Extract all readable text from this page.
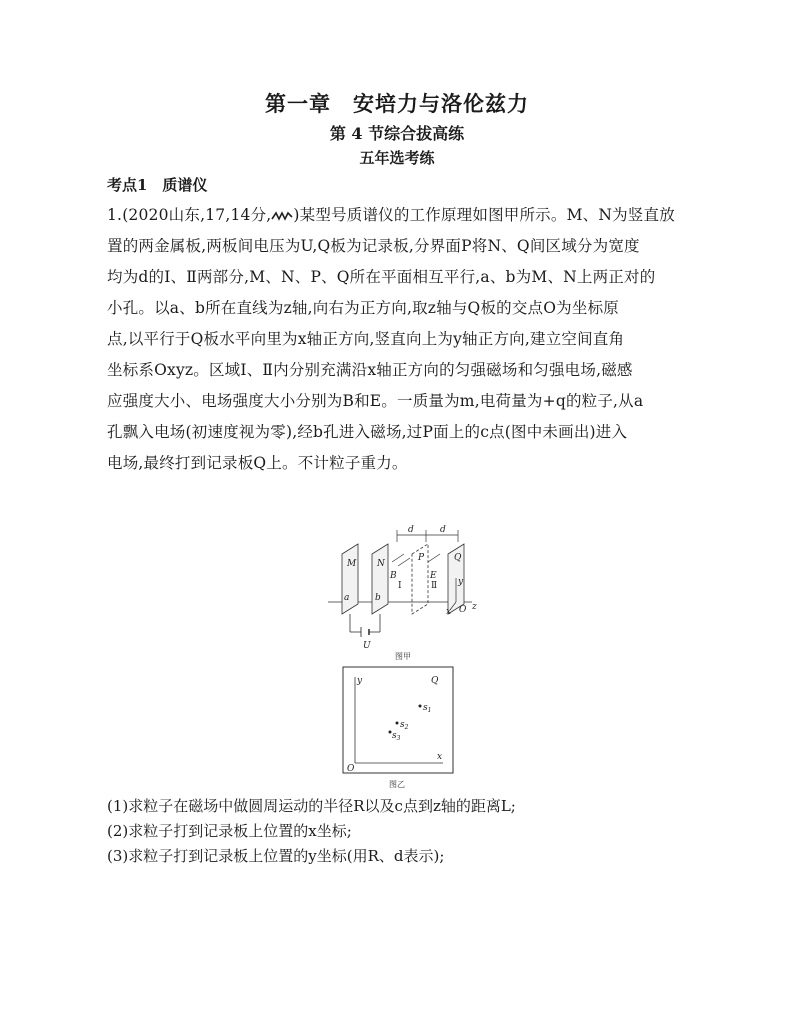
第一章　安培力与洛伦兹力
第 4 节综合拔高练
五年选考练
考点1　质谱仪
1.(2020山东,17,14分, )某型号质谱仪的工作原理如图甲所示。M、N为竖直放
置的两金属板,两板间电压为U,Q板为记录板,分界面P将N、Q间区域分为宽度
均为d的Ⅰ、Ⅱ两部分,M、N、P、Q所在平面相互平行,a、b为M、N上两正对的
小孔。以a、b所在直线为z轴,向右为正方向,取z轴与Q板的交点O为坐标原
点,以平行于Q板水平向里为x轴正方向,竖直向上为y轴正方向,建立空间直角
坐标系Oxyz。区域Ⅰ、Ⅱ内分别充满沿x轴正方向的匀强磁场和匀强电场,磁感
应强度大小、电场强度大小分别为B和E。一质量为m,电荷量为+q的粒子,从a
孔飘入电场(初速度视为零),经b孔进入磁场,过P面上的c点(图中未画出)进入
电场,最终打到记录板Q上。不计粒子重力。
d	d
z
M
a
N
b
B
Ⅰ
P
E
Ⅱ
Q
y
x O
U
图甲
y	Q
O
x
$s_1$
$s_2$
$s_3$
图乙
(1)求粒子在磁场中做圆周运动的半径R以及c点到z轴的距离L;
(2)求粒子打到记录板上位置的x坐标;
(3)求粒子打到记录板上位置的y坐标(用R、d表示);
